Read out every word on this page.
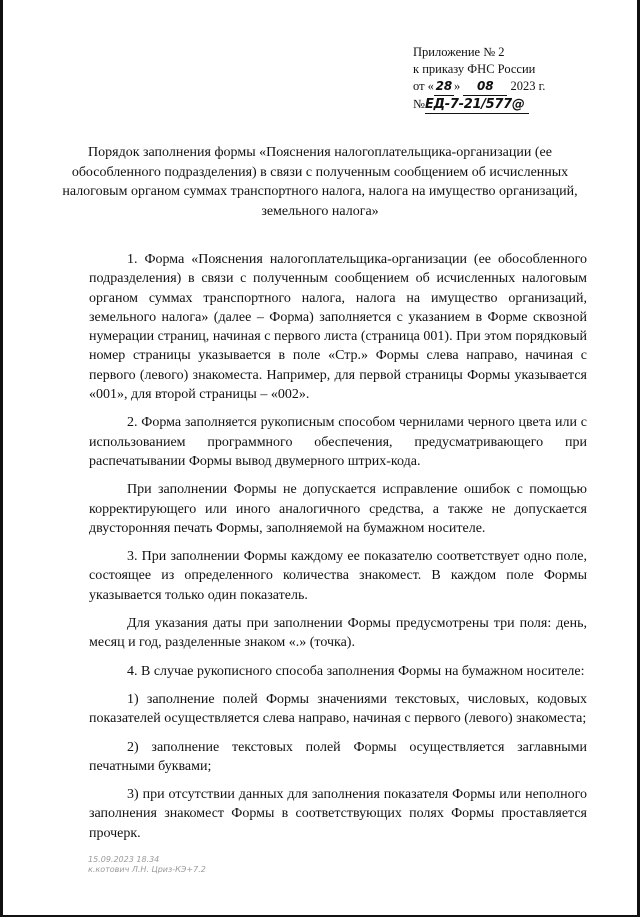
Приложение № 2
к приказу ФНС России
от « 28 » 08 2023 г.
№ЕД-7-21/577@
Порядок заполнения формы «Пояснения налогоплательщика-организации (ее обособленного подразделения) в связи с полученным сообщением об исчисленных налоговым органом суммах транспортного налога, налога на имущество организаций, земельного налога»

1. Форма «Пояснения налогоплательщика-организации (ее обособленного подразделения) в связи с полученным сообщением об исчисленных налоговым органом суммах транспортного налога, налога на имущество организаций, земельного налога» (далее – Форма) заполняется с указанием в Форме сквозной нумерации страниц, начиная с первого листа (страница 001). При этом порядковый номер страницы указывается в поле «Стр.» Формы слева направо, начиная с первого (левого) знакоместа. Например, для первой страницы Формы указывается «001», для второй страницы – «002».

2. Форма заполняется рукописным способом чернилами черного цвета или с использованием программного обеспечения, предусматривающего при распечатывании Формы вывод двумерного штрих-кода.

При заполнении Формы не допускается исправление ошибок с помощью корректирующего или иного аналогичного средства, а также не допускается двусторонняя печать Формы, заполняемой на бумажном носителе.

3. При заполнении Формы каждому ее показателю соответствует одно поле, состоящее из определенного количества знакомест. В каждом поле Формы указывается только один показатель.

Для указания даты при заполнении Формы предусмотрены три поля: день, месяц и год, разделенные знаком «.» (точка).

4. В случае рукописного способа заполнения Формы на бумажном носителе:

1) заполнение полей Формы значениями текстовых, числовых, кодовых показателей осуществляется слева направо, начиная с первого (левого) знакоместа;

2) заполнение текстовых полей Формы осуществляется заглавными печатными буквами;

3) при отсутствии данных для заполнения показателя Формы или неполного заполнения знакомест Формы в соответствующих полях Формы проставляется прочерк.

15.09.2023 18.34
к.котович Л.Н. Цриз-КЭ+7.2
